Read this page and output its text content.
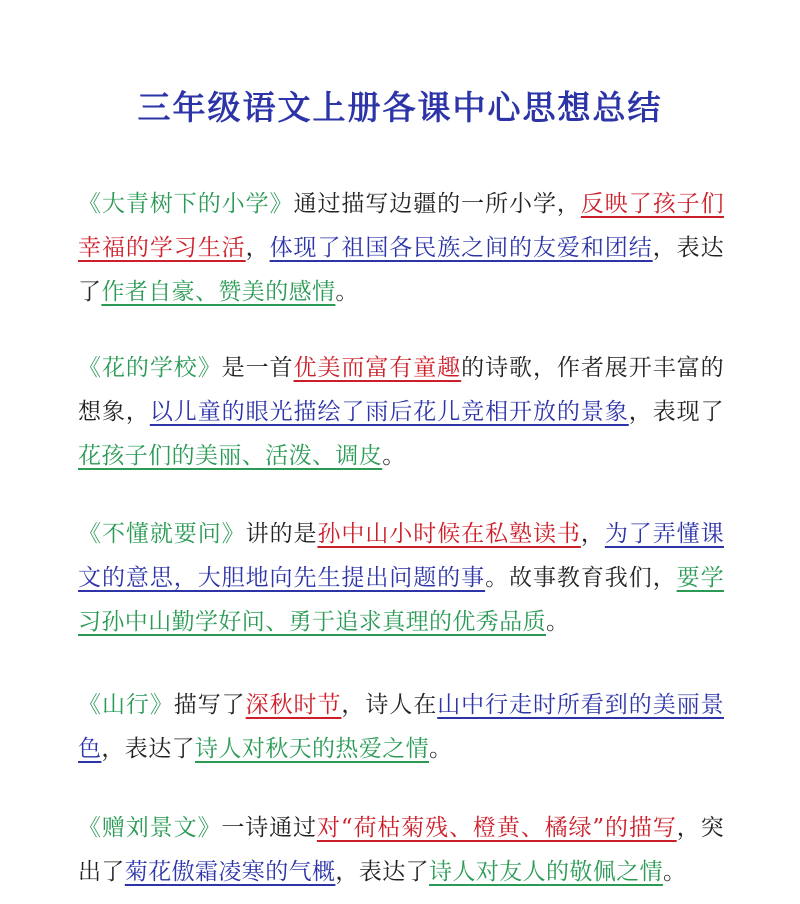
三年级语文上册各课中心思想总结
《大青树下的小学》通过描写边疆的一所小学，反映了孩子们幸福的学习生活，体现了祖国各民族之间的友爱和团结，表达了作者自豪、赞美的感情。
《花的学校》是一首优美而富有童趣的诗歌，作者展开丰富的想象，以儿童的眼光描绘了雨后花儿竞相开放的景象，表现了花孩子们的美丽、活泼、调皮。
《不懂就要问》讲的是孙中山小时候在私塾读书，为了弄懂课文的意思，大胆地向先生提出问题的事。故事教育我们，要学习孙中山勤学好问、勇于追求真理的优秀品质。
《山行》描写了深秋时节，诗人在山中行走时所看到的美丽景色，表达了诗人对秋天的热爱之情。
《赠刘景文》一诗通过对“荷枯菊残、橙黄、橘绿”的描写，突出了菊花傲霜凌寒的气概，表达了诗人对友人的敬佩之情。
